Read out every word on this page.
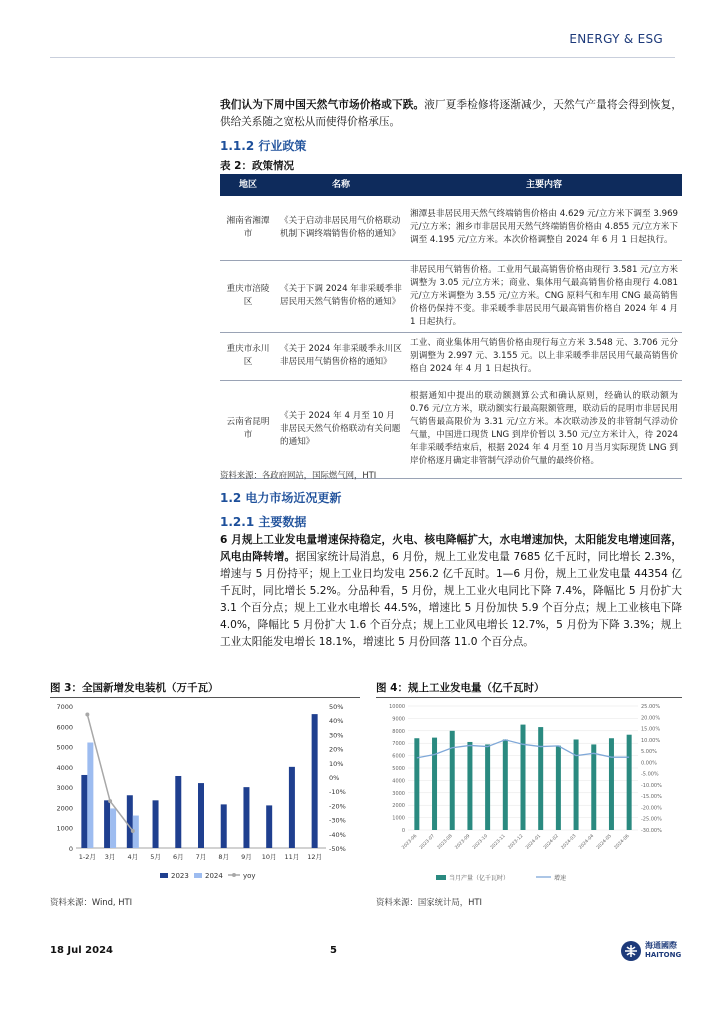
ENERGY & ESG
我们认为下周中国天然气市场价格或下跌。液厂夏季检修将逐渐减少，天然气产量将会得到恢复，供给关系随之宽松从而使得价格承压。
1.1.2 行业政策
表 2：政策情况
地区	名称	主要内容
湘南省湘潭市	《关于启动非居民用气价格联动机制下调终端销售价格的通知》	湘潭县非居民用天然气终端销售价格由 4.629 元/立方米下调至 3.969 元/立方米；湘乡市非居民用天然气终端销售价格由 4.855 元/立方米下调至 4.195 元/立方米。本次价格调整自 2024 年 6 月 1 日起执行。
重庆市涪陵区	《关于下调 2024 年非采暖季非居民用天然气销售价格的通知》	非居民用气销售价格。工业用气最高销售价格由现行 3.581 元/立方米调整为 3.05 元/立方米；商业、集体用气最高销售价格由现行 4.081 元/立方米调整为 3.55 元/立方米。CNG 原料气和车用 CNG 最高销售价格仍保持不变。非采暖季非居民用气最高销售价格自 2024 年 4 月 1 日起执行。
重庆市永川区	《关于 2024 年非采暖季永川区非居民用气销售价格的通知》	工业、商业集体用气销售价格由现行每立方米 3.548 元、3.706 元分别调整为 2.997 元、3.155 元。以上非采暖季非居民用气最高销售价格自 2024 年 4 月 1 日起执行。
云南省昆明市	《关于 2024 年 4 月至 10 月非居民天然气价格联动有关问题的通知》	根据通知中提出的联动额测算公式和确认原则，经确认的联动额为 0.76 元/立方米，联动额实行最高限额管理，联动后的昆明市非居民用气销售最高限价为 3.31 元/立方米。本次联动涉及的非管制气浮动价气量，中国进口现货 LNG 到岸价暂以 3.50 元/立方米计入，待 2024 年非采暖季结束后，根据 2024 年 4 月至 10 月当月实际现货 LNG 到岸价格逐月确定非管制气浮动价气量的最终价格。
资料来源：各政府网站，国际燃气网，HTI
1.2 电力市场近况更新
1.2.1 主要数据
6 月规上工业发电量增速保持稳定，火电、核电降幅扩大，水电增速加快，太阳能发电增速回落，风电由降转增。据国家统计局消息，6 月份，规上工业发电量 7685 亿千瓦时，同比增长 2.3%，增速与 5 月份持平；规上工业日均发电 256.2 亿千瓦时。1—6 月份，规上工业发电量 44354 亿千瓦时，同比增长 5.2%。分品种看，5 月份，规上工业火电同比下降 7.4%，降幅比 5 月份扩大 3.1 个百分点；规上工业水电增长 44.5%，增速比 5 月份加快 5.9 个百分点；规上工业核电下降 4.0%，降幅比 5 月份扩大 1.6 个百分点；规上工业风电增长 12.7%，5 月份为下降 3.3%；规上工业太阳能发电增长 18.1%，增速比 5 月份回落 11.0 个百分点。
图 3：全国新增发电装机（万千瓦）	图 4：规上工业发电量（亿千瓦时）
0
1000
2000
3000
4000
5000
6000
7000
-50%
-40%
-30%
-20%
-10%
0%
10%
20%
30%
40%
50%
1-2月 3月 4月 5月 6月 7月 8月 9月 10月 11月 12月
2023 2024	yoy
0
1000
2000
3000
4000
5000
6000
7000
8000
9000
10000
-30.00%
-25.00%
-20.00%
-15.00%
-10.00%
-5.00%
0.00%
5.00%
10.00%
15.00%
20.00%
25.00%
2023-06 2023-07 2023-08 2023-09 2023-10 2023-11 2023-12 2024-01 2024-02 2024-03 2024-04 2024-05 2024-06
当月产量（亿千瓦时）	增速
资料来源：Wind, HTI	资料来源：国家统计局，HTI
18 Jul 2024	5	海通國際
HAITONG
